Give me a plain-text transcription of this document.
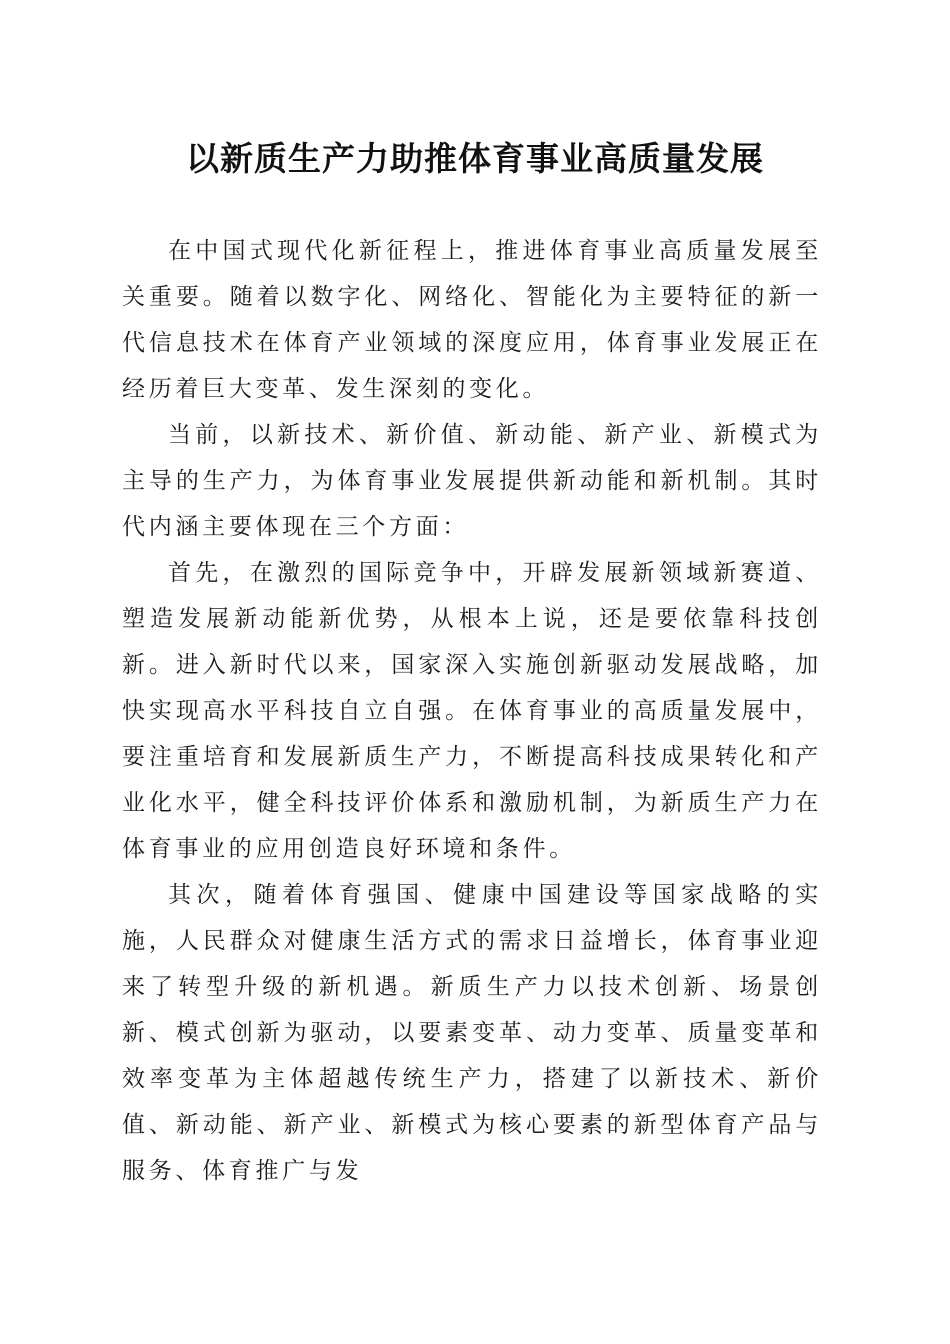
以新质生产力助推体育事业高质量发展

在中国式现代化新征程上，推进体育事业高质量发展至关重要。随着以数字化、网络化、智能化为主要特征的新一代信息技术在体育产业领域的深度应用，体育事业发展正在经历着巨大变革、发生深刻的变化。

当前，以新技术、新价值、新动能、新产业、新模式为主导的生产力，为体育事业发展提供新动能和新机制。其时代内涵主要体现在三个方面：

首先，在激烈的国际竞争中，开辟发展新领域新赛道、塑造发展新动能新优势，从根本上说，还是要依靠科技创新。进入新时代以来，国家深入实施创新驱动发展战略，加快实现高水平科技自立自强。在体育事业的高质量发展中，要注重培育和发展新质生产力，不断提高科技成果转化和产业化水平，健全科技评价体系和激励机制，为新质生产力在体育事业的应用创造良好环境和条件。

其次，随着体育强国、健康中国建设等国家战略的实施，人民群众对健康生活方式的需求日益增长，体育事业迎来了转型升级的新机遇。新质生产力以技术创新、场景创新、模式创新为驱动，以要素变革、动力变革、质量变革和效率变革为主体超越传统生产力，搭建了以新技术、新价值、新动能、新产业、新模式为核心要素的新型体育产品与服务、体育推广与发
